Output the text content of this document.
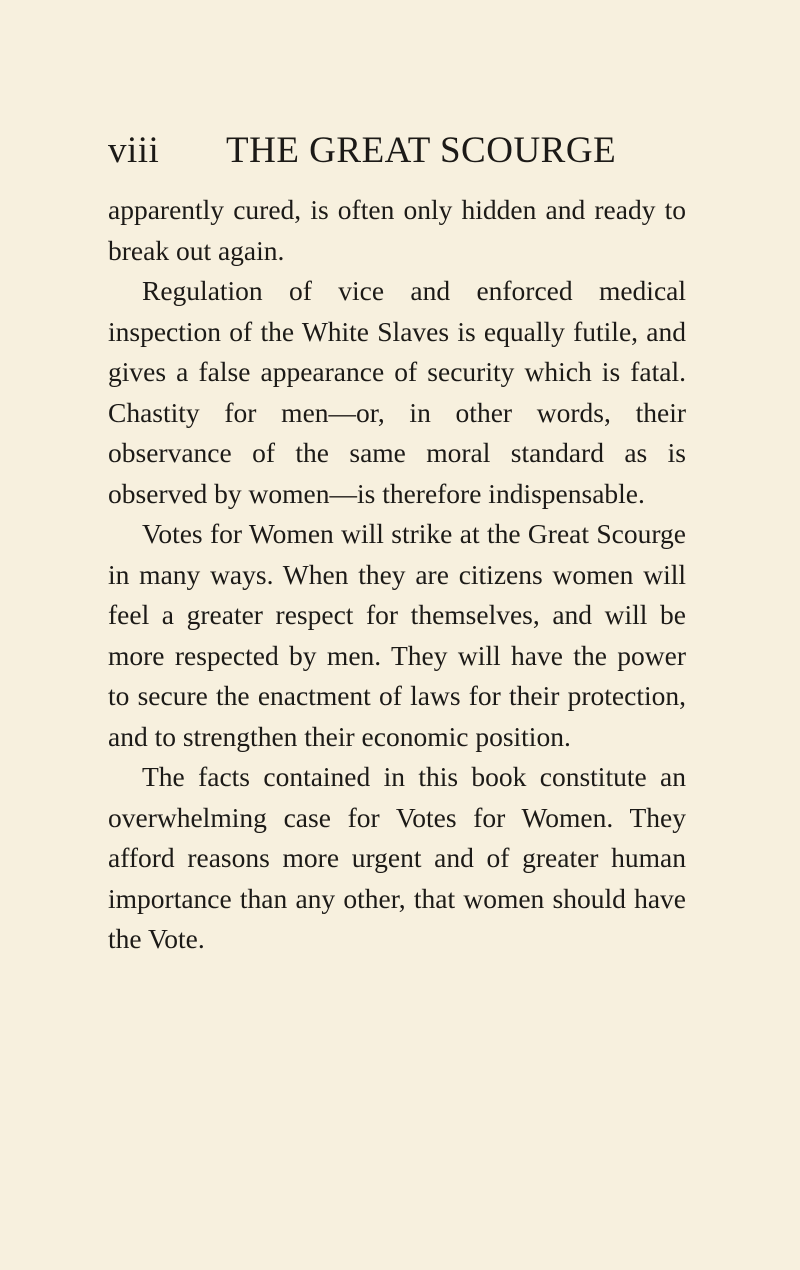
viii THE GREAT SCOURGE

apparently cured, is often only hidden and ready to break out again.

Regulation of vice and enforced medical inspection of the White Slaves is equally futile, and gives a false appearance of security which is fatal. Chastity for men—or, in other words, their observance of the same moral standard as is observed by women—is therefore indispensable.

Votes for Women will strike at the Great Scourge in many ways. When they are citizens women will feel a greater respect for themselves, and will be more respected by men. They will have the power to secure the enactment of laws for their protection, and to strengthen their economic position.

The facts contained in this book constitute an overwhelming case for Votes for Women. They afford reasons more urgent and of greater human importance than any other, that women should have the Vote.
